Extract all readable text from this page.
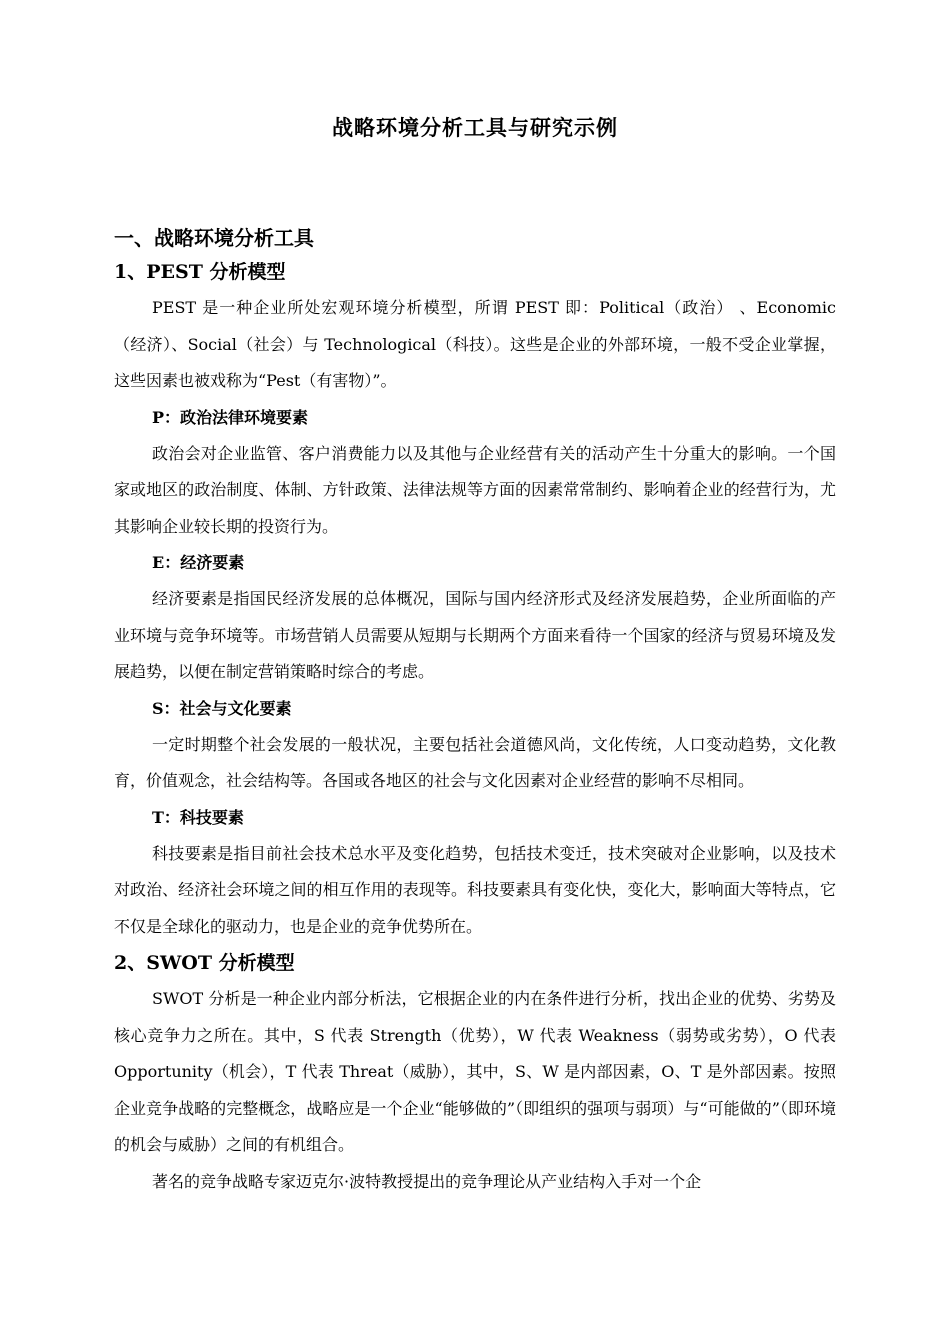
战略环境分析工具与研究示例

一、战略环境分析工具

1、PEST 分析模型

PEST 是一种企业所处宏观环境分析模型，所谓 PEST 即：Political（政治） 、Economic（经济）、Social（社会）与 Technological（科技）。这些是企业的外部环境，一般不受企业掌握，这些因素也被戏称为“Pest（有害物）”。

P：政治法律环境要素

政治会对企业监管、客户消费能力以及其他与企业经营有关的活动产生十分重大的影响。一个国家或地区的政治制度、体制、方针政策、法律法规等方面的因素常常制约、影响着企业的经营行为，尤其影响企业较长期的投资行为。

E：经济要素

经济要素是指国民经济发展的总体概况，国际与国内经济形式及经济发展趋势，企业所面临的产业环境与竞争环境等。市场营销人员需要从短期与长期两个方面来看待一个国家的经济与贸易环境及发展趋势，以便在制定营销策略时综合的考虑。

S：社会与文化要素

一定时期整个社会发展的一般状况，主要包括社会道德风尚，文化传统，人口变动趋势，文化教育，价值观念，社会结构等。各国或各地区的社会与文化因素对企业经营的影响不尽相同。

T：科技要素

科技要素是指目前社会技术总水平及变化趋势，包括技术变迁，技术突破对企业影响，以及技术对政治、经济社会环境之间的相互作用的表现等。科技要素具有变化快，变化大，影响面大等特点，它不仅是全球化的驱动力，也是企业的竞争优势所在。

2、SWOT 分析模型

SWOT 分析是一种企业内部分析法，它根据企业的内在条件进行分析，找出企业的优势、劣势及核心竞争力之所在。其中，S 代表 Strength（优势），W 代表 Weakness（弱势或劣势），O 代表 Opportunity（机会），T 代表 Threat（威胁），其中，S、W 是内部因素，O、T 是外部因素。按照企业竞争战略的完整概念，战略应是一个企业“能够做的”（即组织的强项与弱项）与“可能做的”（即环境的机会与威胁）之间的有机组合。

著名的竞争战略专家迈克尔·波特教授提出的竞争理论从产业结构入手对一个企
